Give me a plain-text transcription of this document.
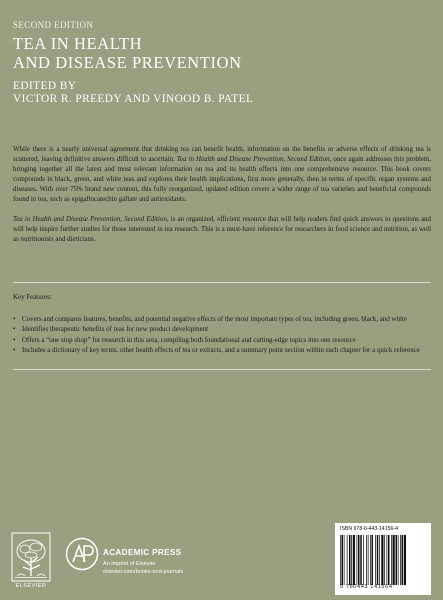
SECOND EDITION
TEA IN HEALTH
AND DISEASE PREVENTION
EDITED BY
VICTOR R. PREEDY AND VINOOD B. PATEL

While there is a nearly universal agreement that drinking tea can benefit health, information on the benefits or adverse effects of drinking tea is scattered, leaving definitive answers difficult to ascertain. Tea in Health and Disease Prevention, Second Edition, once again addresses this problem, bringing together all the latest and most relevant information on tea and its health effects into one comprehensive resource. This book covers compounds in black, green, and white teas and explores their health implications, first more generally, then in terms of specific organ systems and diseases. With over 75% brand new content, this fully reorganized, updated edition covers a wider range of tea varieties and beneficial compounds found in tea, such as epigallocatechin gallate and antioxidants.

Tea in Health and Disease Prevention, Second Edition, is an organized, efficient resource that will help readers find quick answers to questions and will help inspire further studies for those interested in tea research. This is a must-have reference for researchers in food science and nutrition, as well as nutritionists and dieticians.

Key Features:
• Covers and compares features, benefits, and potential negative effects of the most important types of tea, including green, black, and white
• Identifies therapeutic benefits of teas for new product development
• Offers a “one stop shop” for research in this area, compiling both foundational and cutting-edge topics into one resource
• Includes a dictionary of key terms, other health effects of tea or extracts, and a summary point section within each chapter for a quick reference
ELSEVIER
ACADEMIC PRESS
An imprint of Elsevier
elsevier.com/books-and-journals
ISBN 978-0-443-14156-4
9 780443 141564
